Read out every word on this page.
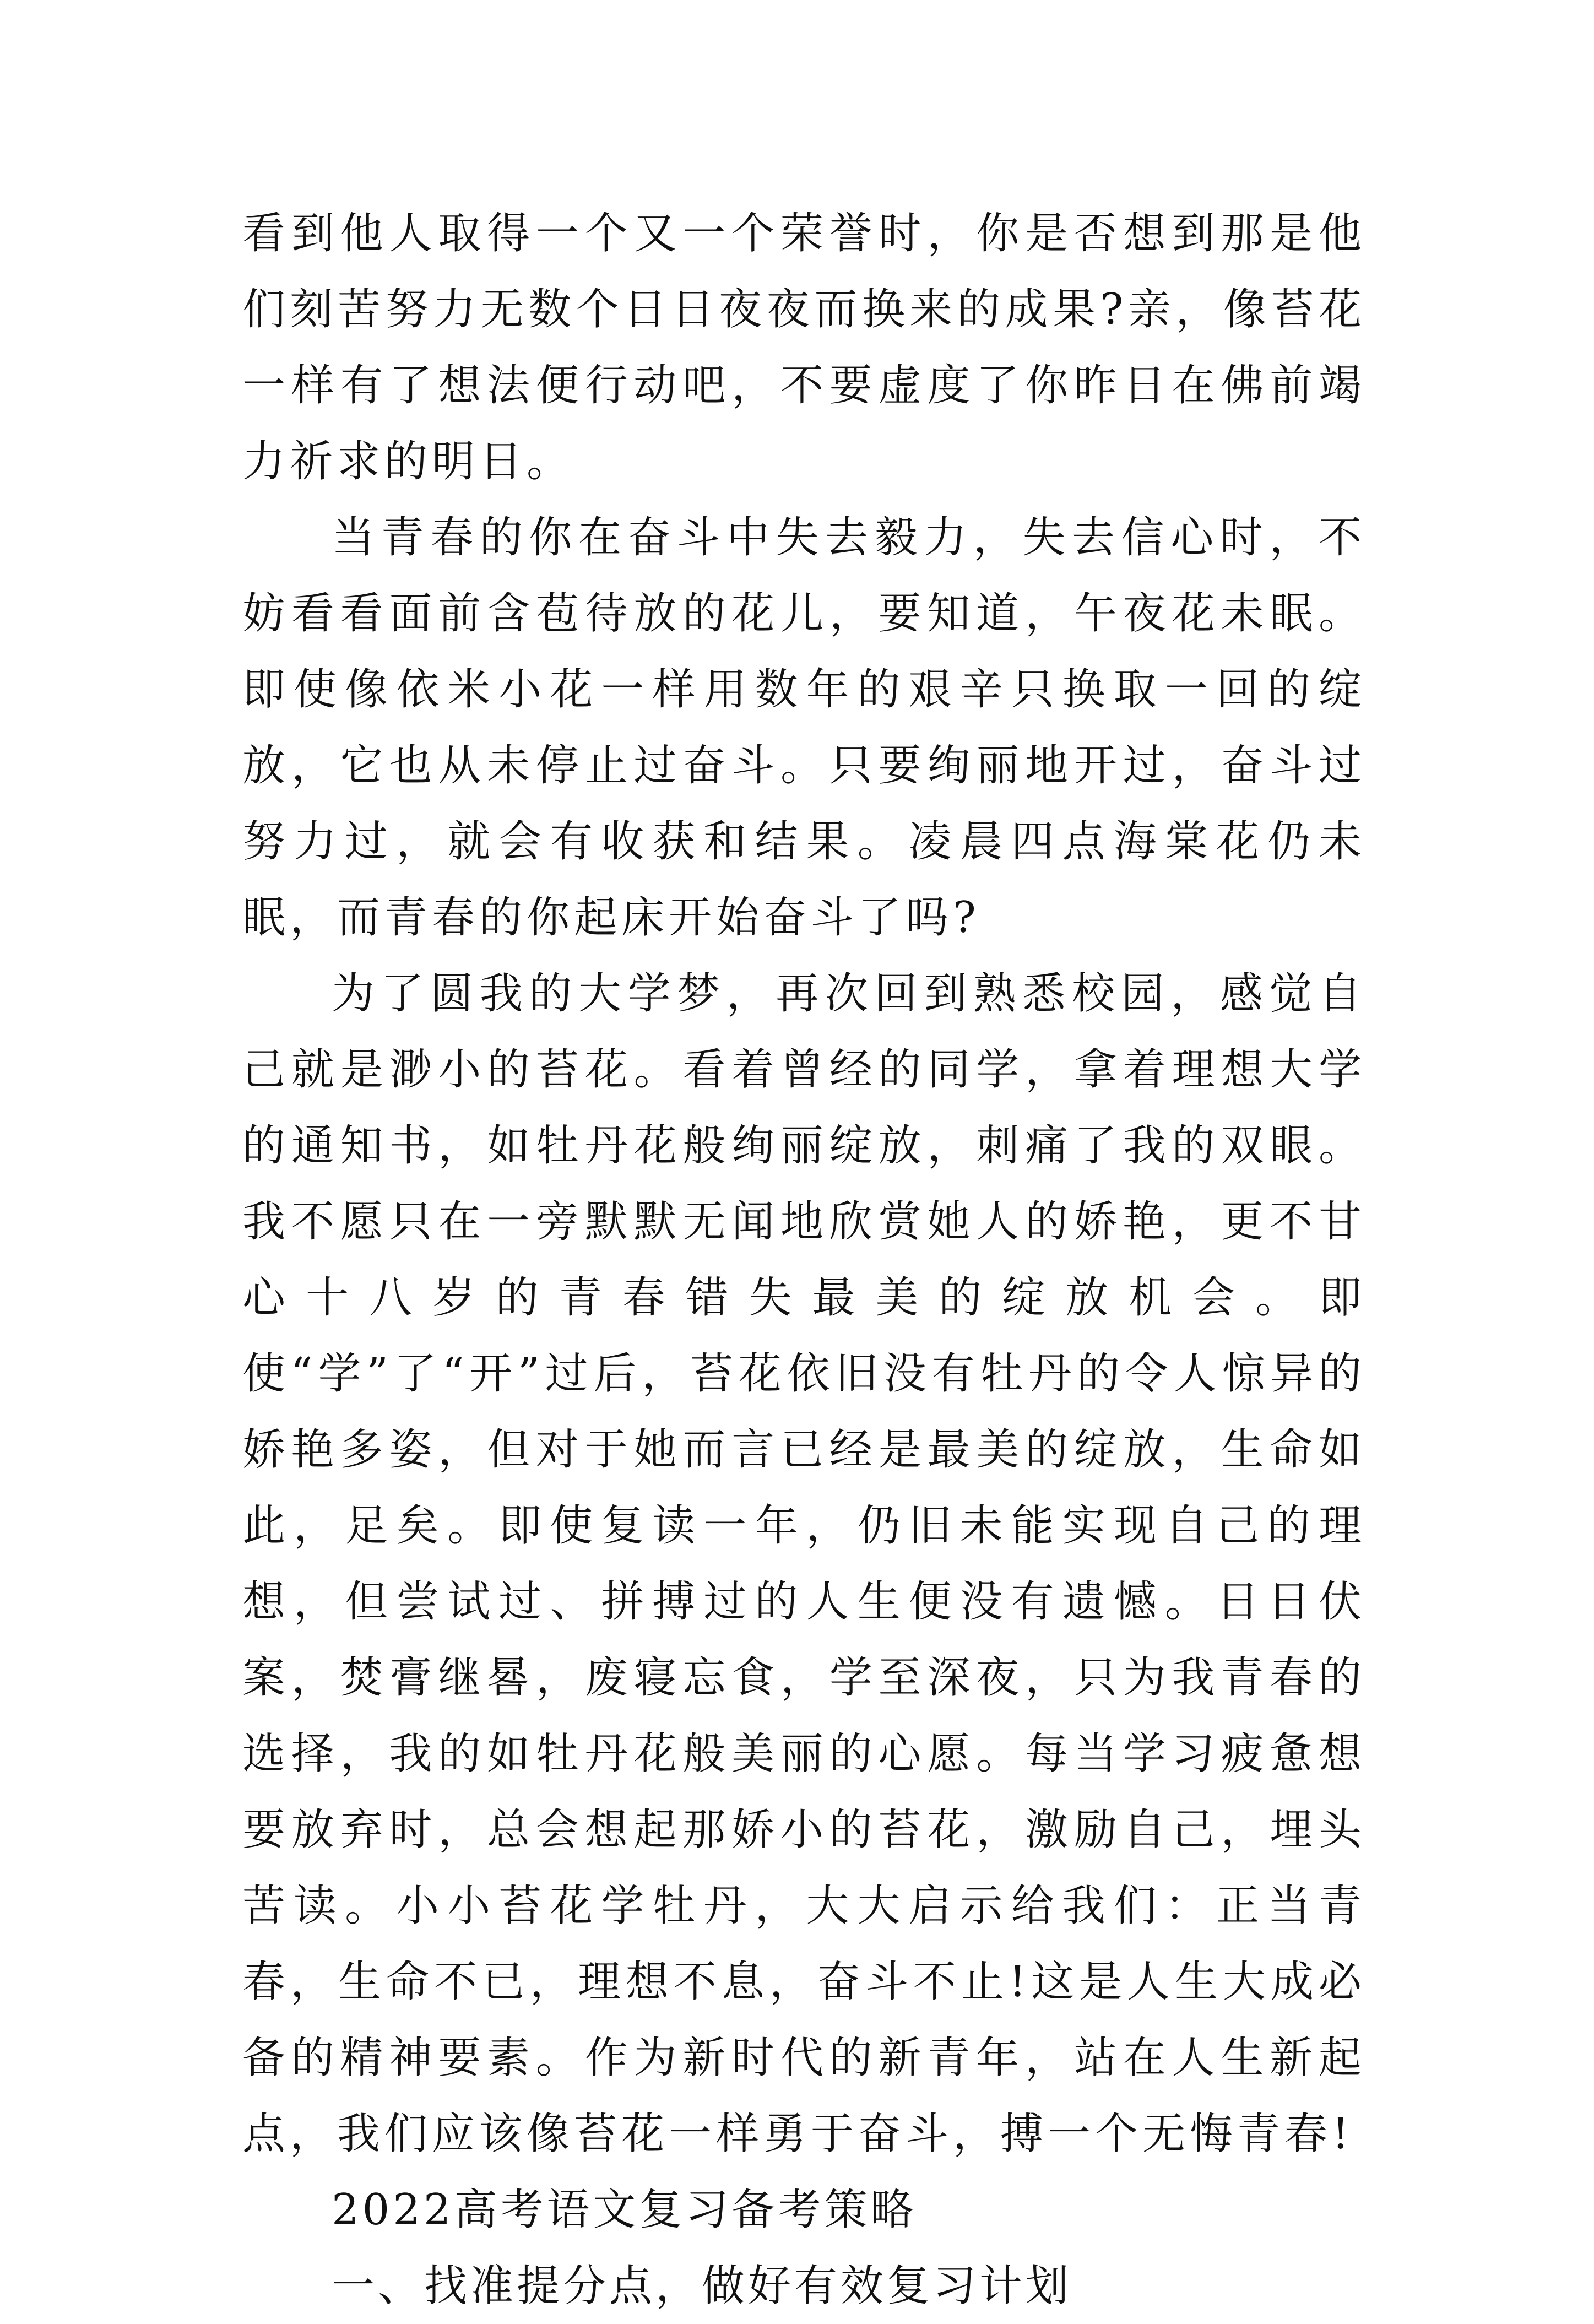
看到他人取得一个又一个荣誉时，你是否想到那是他们刻苦努力无数个日日夜夜而换来的成果?亲，像苔花一样有了想法便行动吧，不要虚度了你昨日在佛前竭力祈求的明日。

当青春的你在奋斗中失去毅力，失去信心时，不妨看看面前含苞待放的花儿，要知道，午夜花未眠。即使像依米小花一样用数年的艰辛只换取一回的绽放，它也从未停止过奋斗。只要绚丽地开过，奋斗过努力过，就会有收获和结果。凌晨四点海棠花仍未眠，而青春的你起床开始奋斗了吗?

为了圆我的大学梦，再次回到熟悉校园，感觉自己就是渺小的苔花。看着曾经的同学，拿着理想大学的通知书，如牡丹花般绚丽绽放，刺痛了我的双眼。我不愿只在一旁默默无闻地欣赏她人的娇艳，更不甘心十八岁的青春错失最美的绽放机会。即使“学”了“开”过后，苔花依旧没有牡丹的令人惊异的娇艳多姿，但对于她而言已经是最美的绽放，生命如此，足矣。即使复读一年，仍旧未能实现自己的理想，但尝试过、拼搏过的人生便没有遗憾。日日伏案，焚膏继晷，废寝忘食，学至深夜，只为我青春的选择，我的如牡丹花般美丽的心愿。每当学习疲惫想要放弃时，总会想起那娇小的苔花，激励自己，埋头苦读。小小苔花学牡丹，大大启示给我们：正当青春，生命不已，理想不息，奋斗不止!这是人生大成必备的精神要素。作为新时代的新青年，站在人生新起点，我们应该像苔花一样勇于奋斗，搏一个无悔青春!

2022高考语文复习备考策略

一、找准提分点，做好有效复习计划
